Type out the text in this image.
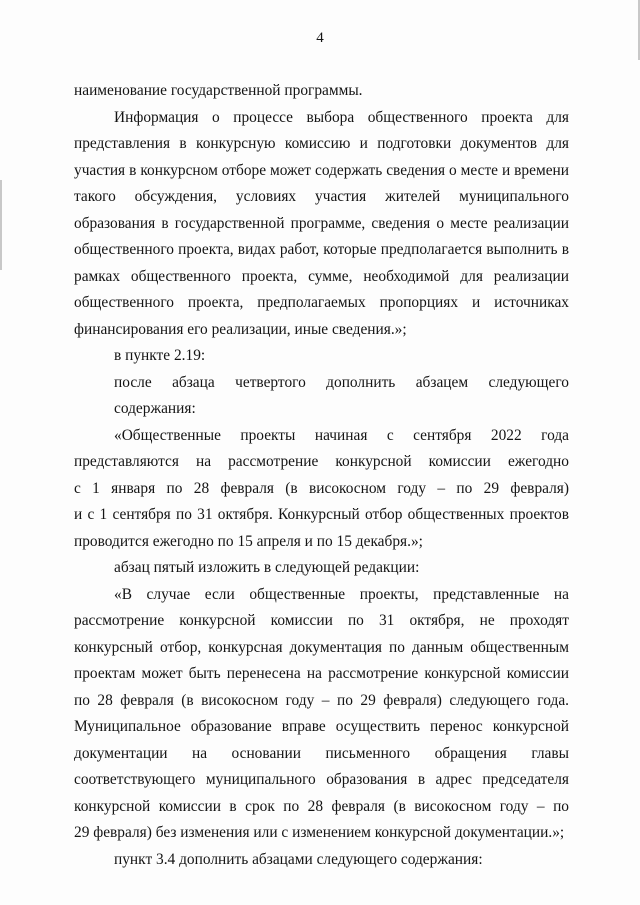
4

наименование государственной программы.

Информация о процессе выбора общественного проекта для

представления в конкурсную комиссию и подготовки документов для

участия в конкурсном отборе может содержать сведения о месте и времени

такого обсуждения, условиях участия жителей муниципального

образования в государственной программе, сведения о месте реализации

общественного проекта, видах работ, которые предполагается выполнить в

рамках общественного проекта, сумме, необходимой для реализации

общественного проекта, предполагаемых пропорциях и источниках

финансирования его реализации, иные сведения.»;

в пункте 2.19:

после абзаца четвертого дополнить абзацем следующего содержания:

«Общественные проекты начиная с сентября 2022 года

представляются на рассмотрение конкурсной комиссии ежегодно

с 1 января по 28 февраля (в високосном году – по 29 февраля)

и с 1 сентября по 31 октября. Конкурсный отбор общественных проектов

проводится ежегодно по 15 апреля и по 15 декабря.»;

абзац пятый изложить в следующей редакции:

«В случае если общественные проекты, представленные на

рассмотрение конкурсной комиссии по 31 октября, не проходят

конкурсный отбор, конкурсная документация по данным общественным

проектам может быть перенесена на рассмотрение конкурсной комиссии

по 28 февраля (в високосном году – по 29 февраля) следующего года.

Муниципальное образование вправе осуществить перенос конкурсной

документации на основании письменного обращения главы

соответствующего муниципального образования в адрес председателя

конкурсной комиссии в срок по 28 февраля (в високосном году – по

29 февраля) без изменения или с изменением конкурсной документации.»;

пункт 3.4 дополнить абзацами следующего содержания:
